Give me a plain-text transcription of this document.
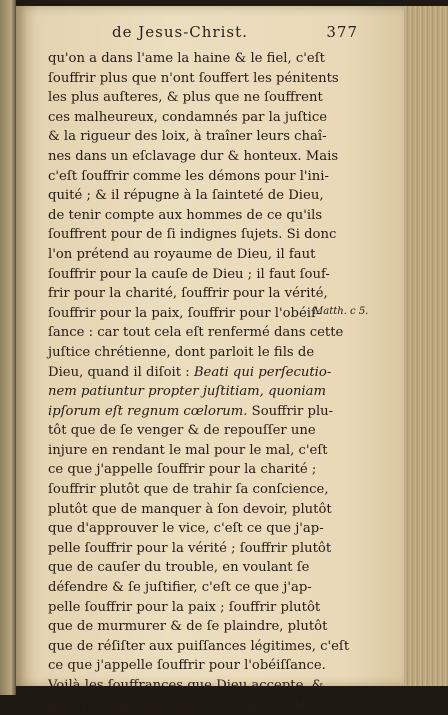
de Jesus-Christ.	377
qu'on a dans l'ame la haine & le fiel, c'eſt
ſouffrir plus que n'ont ſouffert les pénitents
les plus auſteres, & plus que ne ſouffrent
ces malheureux, condamnés par la juſtice
& la rigueur des loix, à traîner leurs chaî-
nes dans un eſclavage dur & honteux. Mais
c'eſt ſouffrir comme les démons pour l'ini-
quité ; & il répugne à la ſainteté de Dieu,
de tenir compte aux hommes de ce qu'ils
ſouffrent pour de ſi indignes ſujets. Si donc
l'on prétend au royaume de Dieu, il faut
ſouffrir pour la cauſe de Dieu ; il faut ſouf-
frir pour la charité, ſouffrir pour la vérité,
ſouffrir pour la paix, ſouffrir pour l'obéiſ-
ſance : car tout cela eſt renfermé dans cette
juſtice chrétienne, dont parloit le fils de
Dieu, quand il diſoit : Beati qui perſecutio-
nem patiuntur propter juſtitiam, quoniam
ipſorum eſt regnum cœlorum. Souffrir plu-
tôt que de ſe venger & de repouſſer une
injure en rendant le mal pour le mal, c'eſt
ce que j'appelle ſouffrir pour la charité ;
ſouffrir plutôt que de trahir ſa conſcience,
plutôt que de manquer à ſon devoir, plutôt
que d'approuver le vice, c'eſt ce que j'ap-
pelle ſouffrir pour la vérité ; ſouffrir plutôt
que de cauſer du trouble, en voulant ſe
défendre & ſe juſtifier, c'eſt ce que j'ap-
pelle ſouffrir pour la paix ; ſouffrir plutôt
que de murmurer & de ſe plaindre, plutôt
que de réſiſter aux puiſſances légitimes, c'eſt
ce que j'appelle ſouffrir pour l'obéiſſance.
Voilà les ſouffrances que Dieu accepte, &
qu'il récompenſe dans ſon royaume. Mais
Matth. c 5.
